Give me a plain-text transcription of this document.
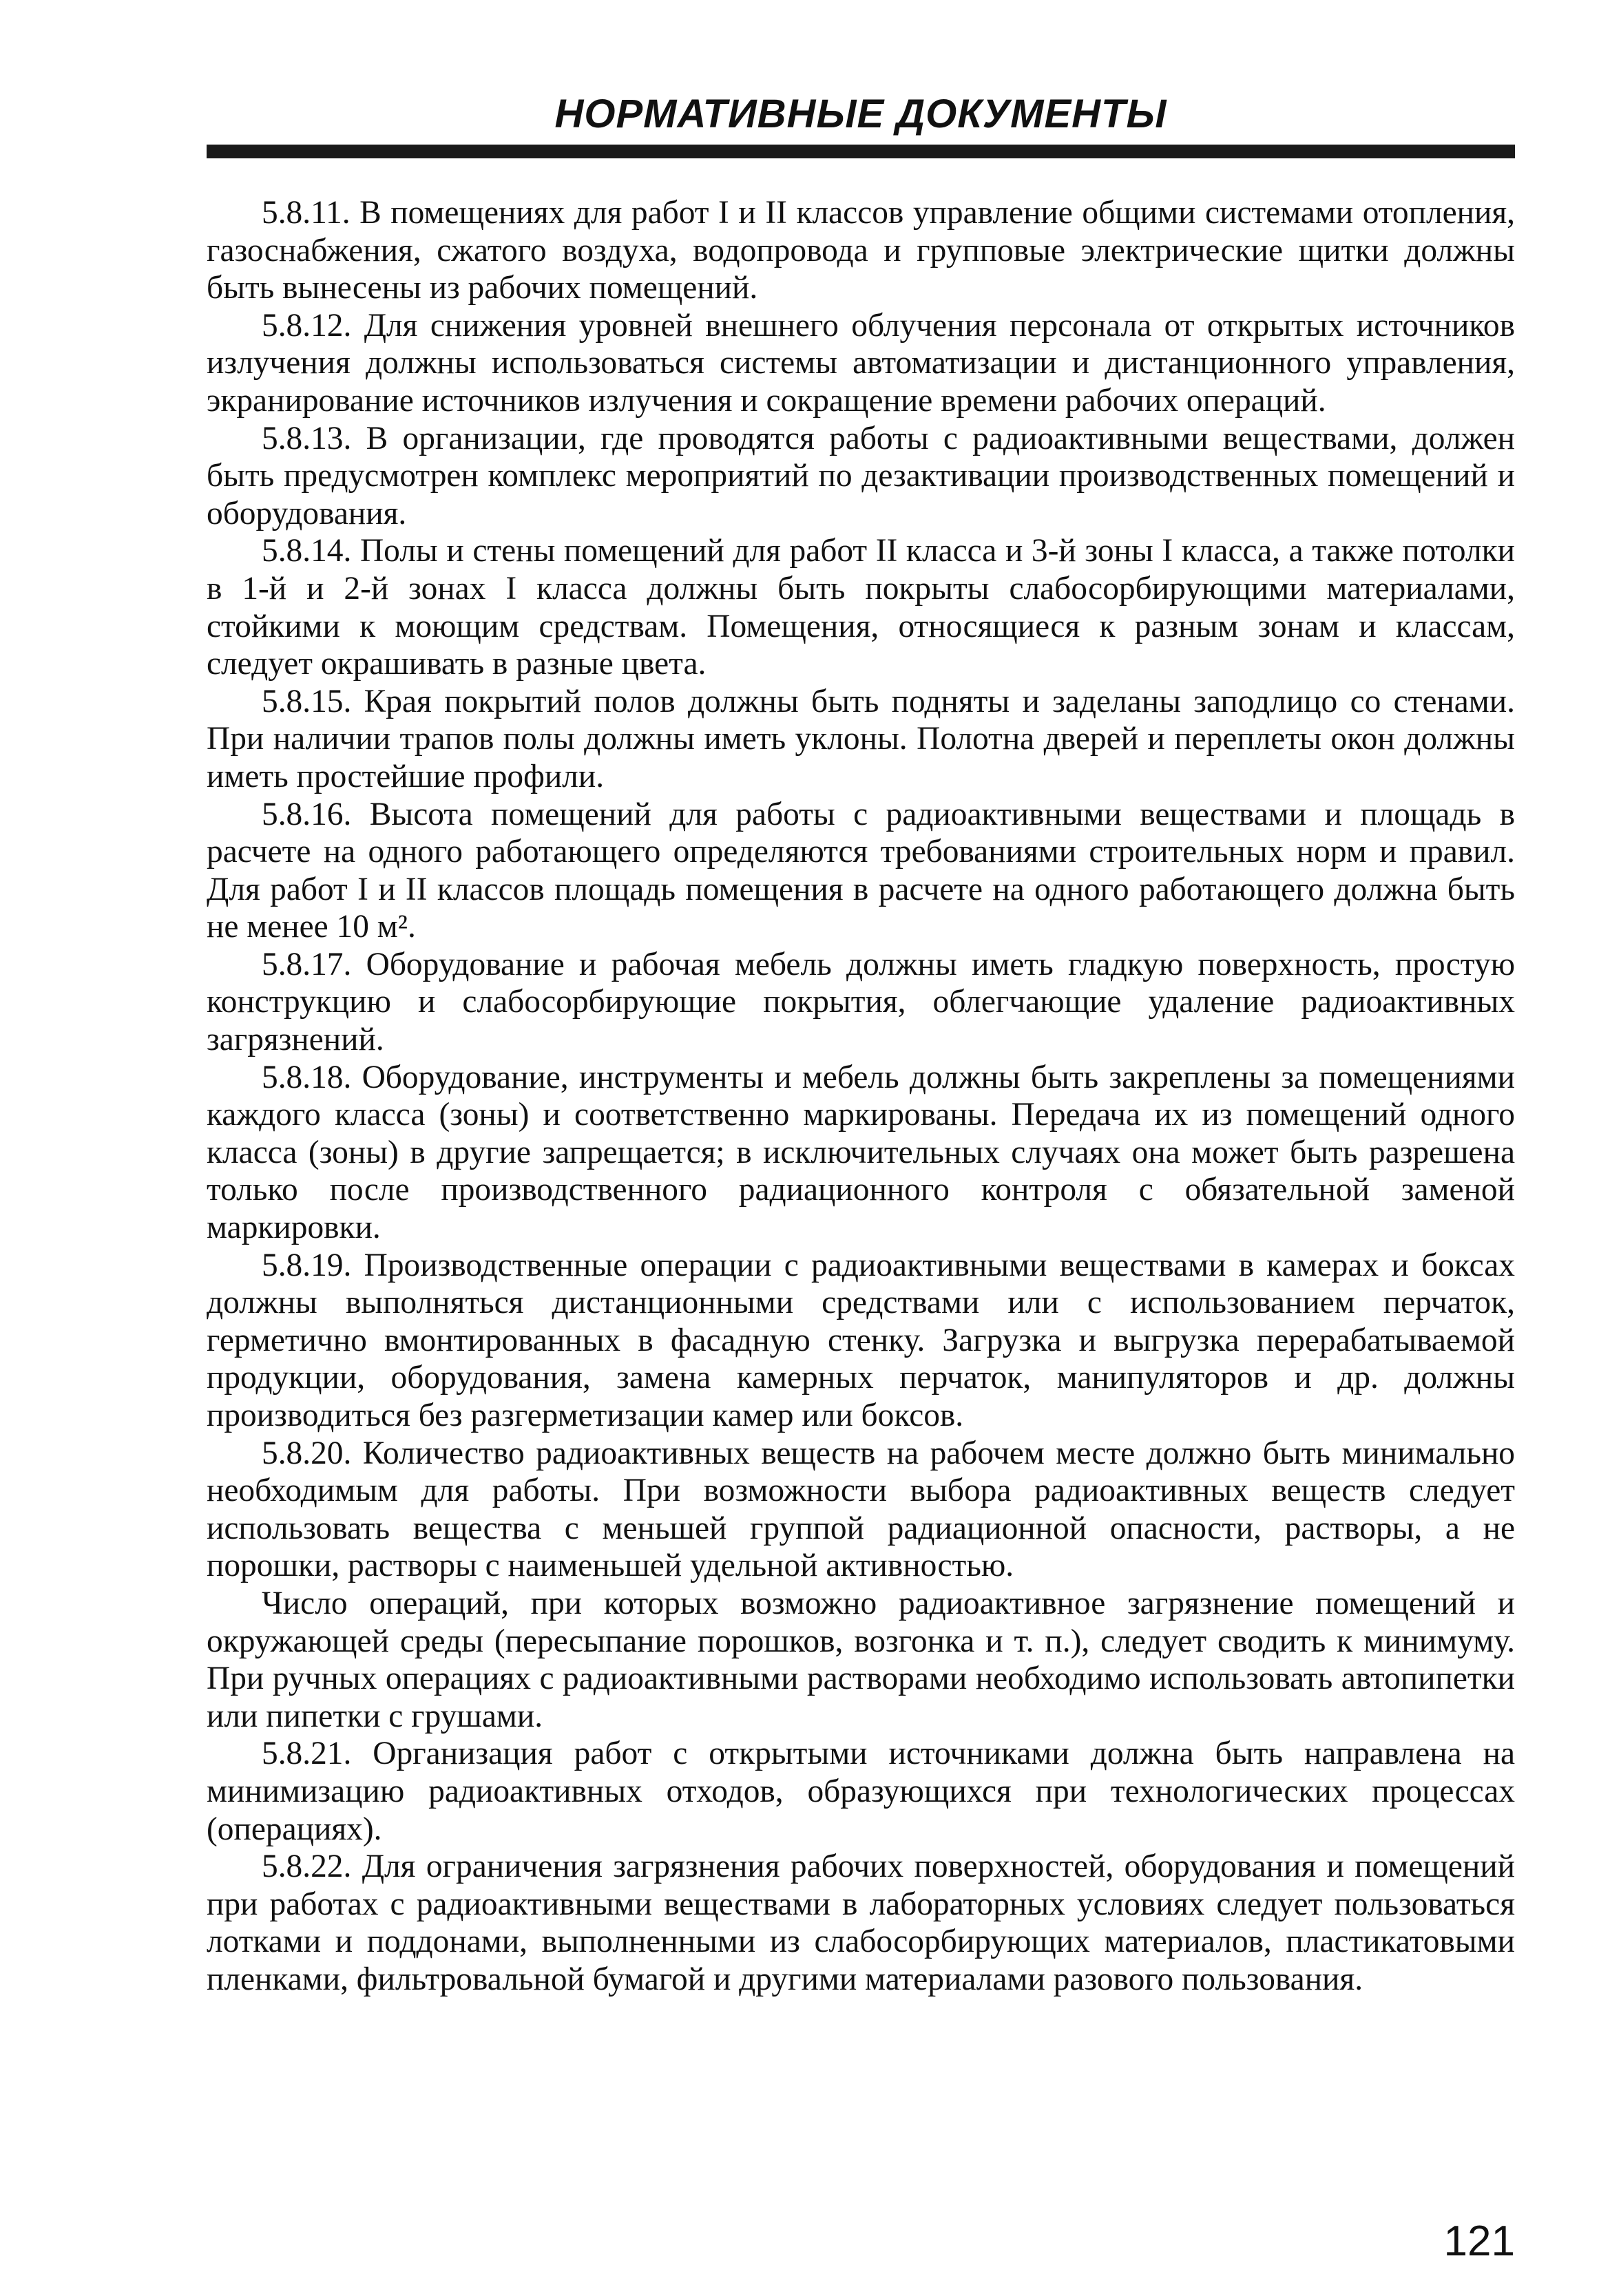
НОРМАТИВНЫЕ ДОКУМЕНТЫ

5.8.11. В помещениях для работ I и II классов управление общими системами отопления, газоснабжения, сжатого воздуха, водопровода и групповые электрические щитки должны быть вынесены из рабочих помещений.

5.8.12. Для снижения уровней внешнего облучения персонала от открытых источников излучения должны использоваться системы автоматизации и дистанционного управления, экранирование источников излучения и сокращение времени рабочих операций.

5.8.13. В организации, где проводятся работы с радиоактивными веществами, должен быть предусмотрен комплекс мероприятий по дезактивации производственных помещений и оборудования.

5.8.14. Полы и стены помещений для работ II класса и 3-й зоны I класса, а также потолки в 1-й и 2-й зонах I класса должны быть покрыты слабосорбирующими материалами, стойкими к моющим средствам. Помещения, относящиеся к разным зонам и классам, следует окрашивать в разные цвета.

5.8.15. Края покрытий полов должны быть подняты и заделаны заподлицо со стенами. При наличии трапов полы должны иметь уклоны. Полотна дверей и переплеты окон должны иметь простейшие профили.

5.8.16. Высота помещений для работы с радиоактивными веществами и площадь в расчете на одного работающего определяются требованиями строительных норм и правил. Для работ I и II классов площадь помещения в расчете на одного работающего должна быть не менее 10 м².

5.8.17. Оборудование и рабочая мебель должны иметь гладкую поверхность, простую конструкцию и слабосорбирующие покрытия, облегчающие удаление радиоактивных загрязнений.

5.8.18. Оборудование, инструменты и мебель должны быть закреплены за помещениями каждого класса (зоны) и соответственно маркированы. Передача их из помещений одного класса (зоны) в другие запрещается; в исключительных случаях она может быть разрешена только после производственного радиационного контроля с обязательной заменой маркировки.

5.8.19. Производственные операции с радиоактивными веществами в камерах и боксах должны выполняться дистанционными средствами или с использованием перчаток, герметично вмонтированных в фасадную стенку. Загрузка и выгрузка перерабатываемой продукции, оборудования, замена камерных перчаток, манипуляторов и др. должны производиться без разгерметизации камер или боксов.

5.8.20. Количество радиоактивных веществ на рабочем месте должно быть минимально необходимым для работы. При возможности выбора радиоактивных веществ следует использовать вещества с меньшей группой радиационной опасности, растворы, а не порошки, растворы с наименьшей удельной активностью.

Число операций, при которых возможно радиоактивное загрязнение помещений и окружающей среды (пересыпание порошков, возгонка и т. п.), следует сводить к минимуму. При ручных операциях с радиоактивными растворами необходимо использовать автопипетки или пипетки с грушами.

5.8.21. Организация работ с открытыми источниками должна быть направлена на минимизацию радиоактивных отходов, образующихся при технологических процессах (операциях).

5.8.22. Для ограничения загрязнения рабочих поверхностей, оборудования и помещений при работах с радиоактивными веществами в лабораторных условиях следует пользоваться лотками и поддонами, выполненными из слабосорбирующих материалов, пластикатовыми пленками, фильтровальной бумагой и другими материалами разового пользования.

121
